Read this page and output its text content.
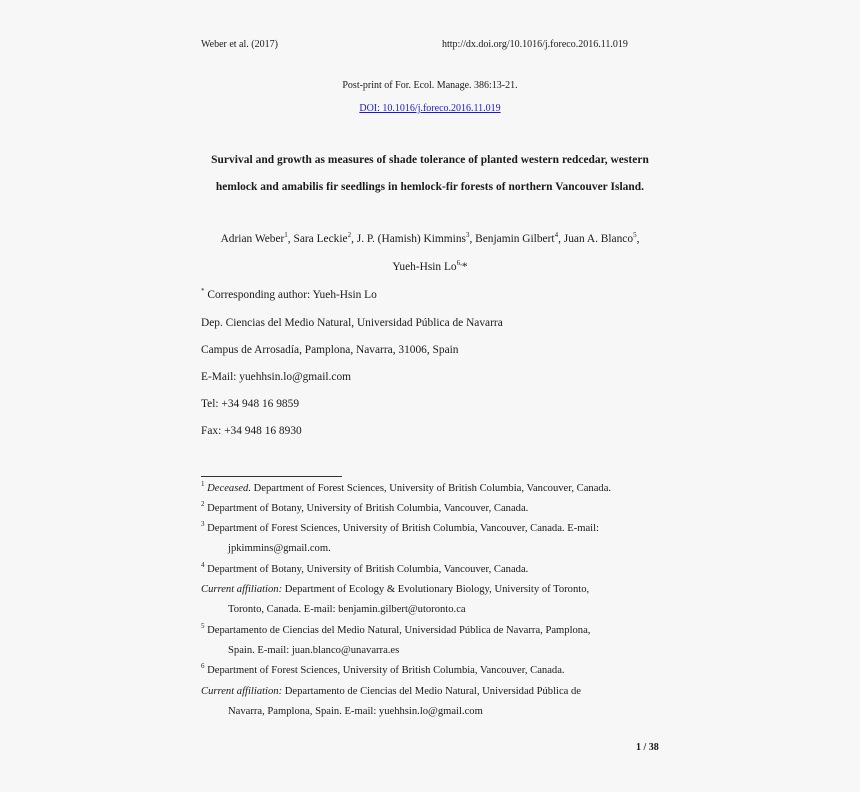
Weber et al. (2017)	http://dx.doi.org/10.1016/j.foreco.2016.11.019
Post-print of For. Ecol. Manage. 386:13-21.
DOI: 10.1016/j.foreco.2016.11.019
Survival and growth as measures of shade tolerance of planted western redcedar, western
hemlock and amabilis fir seedlings in hemlock-fir forests of northern Vancouver Island.
Adrian Weber$^1$, Sara Leckie$^2$, J. P. (Hamish) Kimmins$^3$, Benjamin Gilbert$^4$, Juan A. Blanco$^5$,
Yueh-Hsin $Lo^{6,}*$
* Corresponding author: Yueh-Hsin Lo
Dep. Ciencias del Medio Natural, Universidad Pública de Navarra
Campus de Arrosadía, Pamplona, Navarra, 31006, Spain
E-Mail: yuehhsin.lo@gmail.com
Tel: +34 948 16 9859
Fax: +34 948 16 8930
$^1$ Deceased. Department of Forest Sciences, University of British Columbia, Vancouver, Canada.
$^2$ Department of Botany, University of British Columbia, Vancouver, Canada.
$^3$ Department of Forest Sciences, University of British Columbia, Vancouver, Canada. E-mail:
jpkimmins@gmail.com.
$^4$ Department of Botany, University of British Columbia, Vancouver, Canada.
Current affiliation: Department of Ecology & Evolutionary Biology, University of Toronto,
Toronto, Canada. E-mail: benjamin.gilbert@utoronto.ca
$^5$ Departamento de Ciencias del Medio Natural, Universidad Pública de Navarra, Pamplona,
Spain. E-mail: juan.blanco@unavarra.es
$^6$ Department of Forest Sciences, University of British Columbia, Vancouver, Canada.
Current affiliation: Departamento de Ciencias del Medio Natural, Universidad Pública de
Navarra, Pamplona, Spain. E-mail: yuehhsin.lo@gmail.com
1 / 38
